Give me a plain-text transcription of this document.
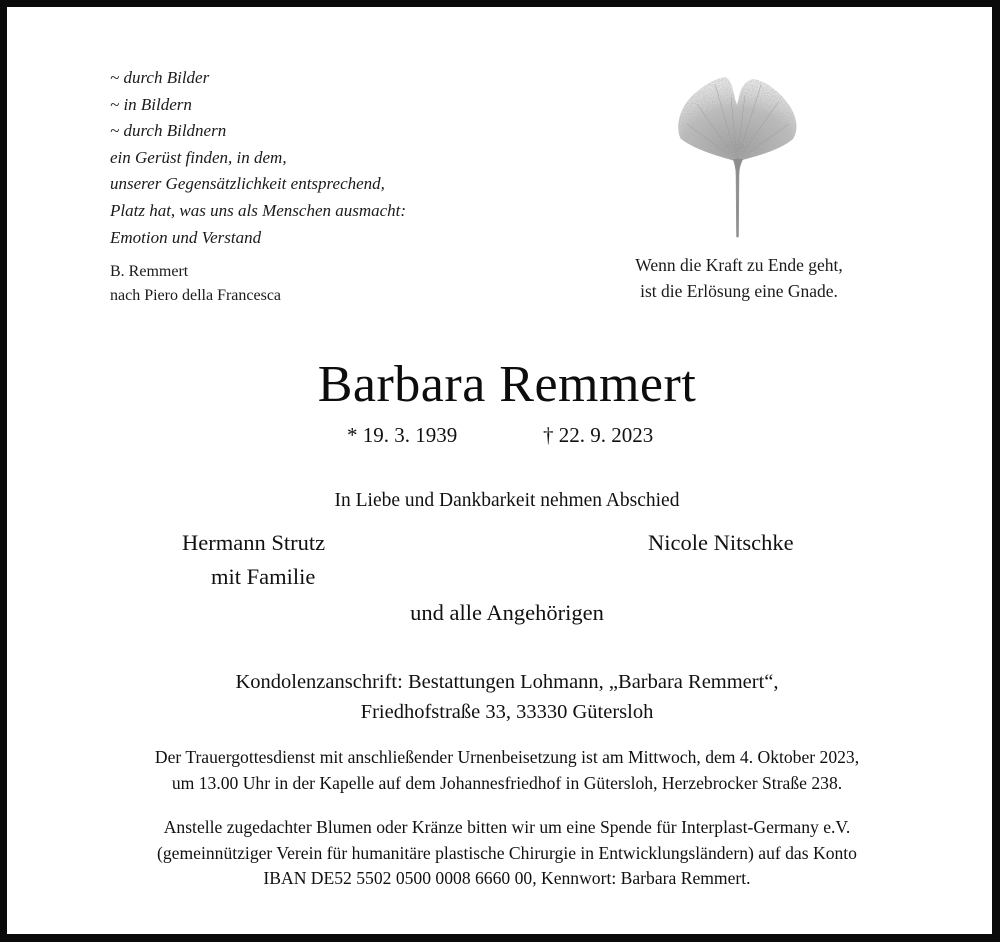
~ durch Bilder
~ in Bildern
~ durch Bildnern
ein Gerüst finden, in dem,
unserer Gegensätzlichkeit entsprechend,
Platz hat, was uns als Menschen ausmacht:
Emotion und Verstand
B. Remmert
nach Piero della Francesca
Wenn die Kraft zu Ende geht,
ist die Erlösung eine Gnade.
Barbara Remmert
* 19. 3. 1939	† 22. 9. 2023
In Liebe und Dankbarkeit nehmen Abschied
Hermann Strutz
mit Familie
Nicole Nitschke
und alle Angehörigen
Kondolenzanschrift: Bestattungen Lohmann, „Barbara Remmert“,
Friedhofstraße 33, 33330 Gütersloh
Der Trauergottesdienst mit anschließender Urnenbeisetzung ist am Mittwoch, dem 4. Oktober 2023,
um 13.00 Uhr in der Kapelle auf dem Johannesfriedhof in Gütersloh, Herzebrocker Straße 238.
Anstelle zugedachter Blumen oder Kränze bitten wir um eine Spende für Interplast-Germany e.V.
(gemeinnütziger Verein für humanitäre plastische Chirurgie in Entwicklungsländern) auf das Konto
IBAN DE52 5502 0500 0008 6660 00, Kennwort: Barbara Remmert.
